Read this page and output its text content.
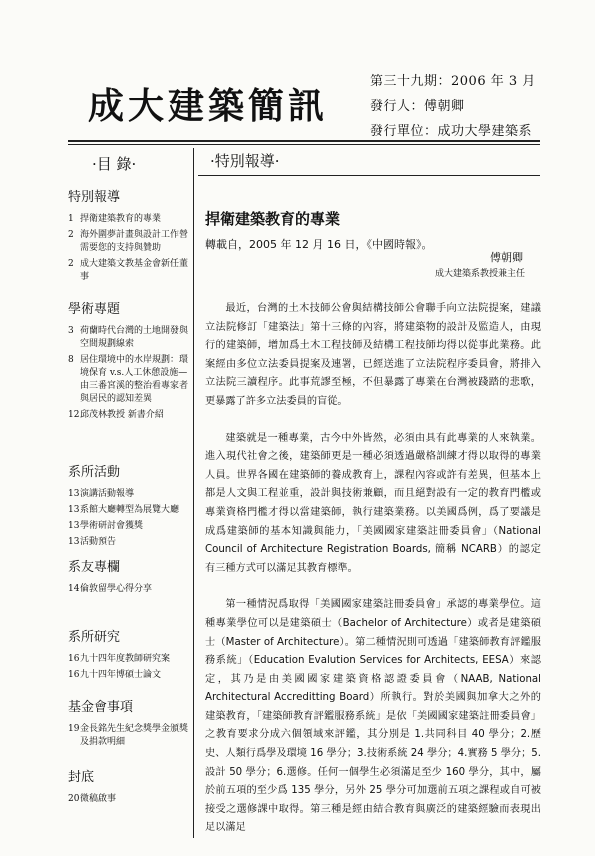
成大建築簡訊
第三十九期：2006 年 3 月
發行人：傅朝卿
發行單位：成功大學建築系
·目 錄·	·特別報導·
特別報導
1 捍衛建築教育的專業
2 海外圍夢計畫與設計工作營需要您的支持與贊助
2 成大建築文教基金會新任董事
學術專題
3 荷蘭時代台灣的土地開發與空間規劃線索
8 居住環境中的水岸規劃：環境保育 v.s.人工休憩設施—由三番宮溪的整治看專家者與居民的認知差異
12 邱茂林教授 新書介紹
系所活動
13 演講活動報導
13 系館大廳轉型為展覽大廳
13 學術研討會獲獎
13 活動預告
系友專欄
14 倫敦留學心得分享
系所研究
16 九十四年度教師研究案
16 九十四年博碩士論文
基金會事項
19 金長銘先生紀念獎學金頒獎及捐款明細
封底
20 微稿啟事
捍衛建築教育的專業
轉載自，2005 年 12 月 16 日，《中國時報》。
傅朝卿
成大建築系教授兼主任

最近，台灣的土木技師公會與結構技師公會聯手向立法院提案，建議立法院修訂「建築法」第十三條的內容，將建築物的設計及監造人，由現行的建築師，增加爲土木工程技師及結構工程技師均得以從事此業務。此案經由多位立法委員提案及連署，已經送進了立法院程序委員會，將排入立法院三讀程序。此事荒謬至極，不但暴露了專業在台灣被踐踏的悲歌，更暴露了許多立法委員的盲從。

建築就是一種專業，古今中外皆然，必須由具有此專業的人來執業。進入現代社會之後，建築師更是一種必須透過嚴格訓練才得以取得的專業人員。世界各國在建築師的養成教育上，課程內容或許有差異，但基本上都是人文與工程並重，設計與技術兼顧，而且絕對設有一定的教育門檻或專業資格門檻才得以當建築師，執行建築業務。以美國爲例，爲了要議是成爲建築師的基本知識與能力，「美國國家建築註冊委員會」（National Council of Architecture Registration Boards, 簡稱 NCARB）的認定有三種方式可以滿足其教育標準。

第一種情況爲取得「美國國家建築註冊委員會」承認的專業學位。這種專業學位可以是建築碩士（Bachelor of Architecture）或者是建築碩士（Master of Architecture）。第二種情況則可透過「建築師教育評鑑服務系統」（Education Evalution Services for Architects, EESA）來認定，其乃是由美國國家建築資格認證委員會（NAAB, National Architectural Accreditting Board）所執行。對於美國與加拿大之外的建築教育，「建築師教育評鑑服務系統」是依「美國國家建築註冊委員會」之教育要求分成六個領域來評鑑，其分別是 1.共同科目 40 學分；2.歷史、人類行爲學及環境 16 學分；3.技術系統 24 學分；4.實務 5 學分；5.設計 50 學分；6.選修。任何一個學生必須滿足至少 160 學分，其中，屬於前五項的至少爲 135 學分，另外 25 學分可加選前五項之課程或自可被接受之選修課中取得。第三種是經由結合教育與廣泛的建築經驗而表現出足以滿足
